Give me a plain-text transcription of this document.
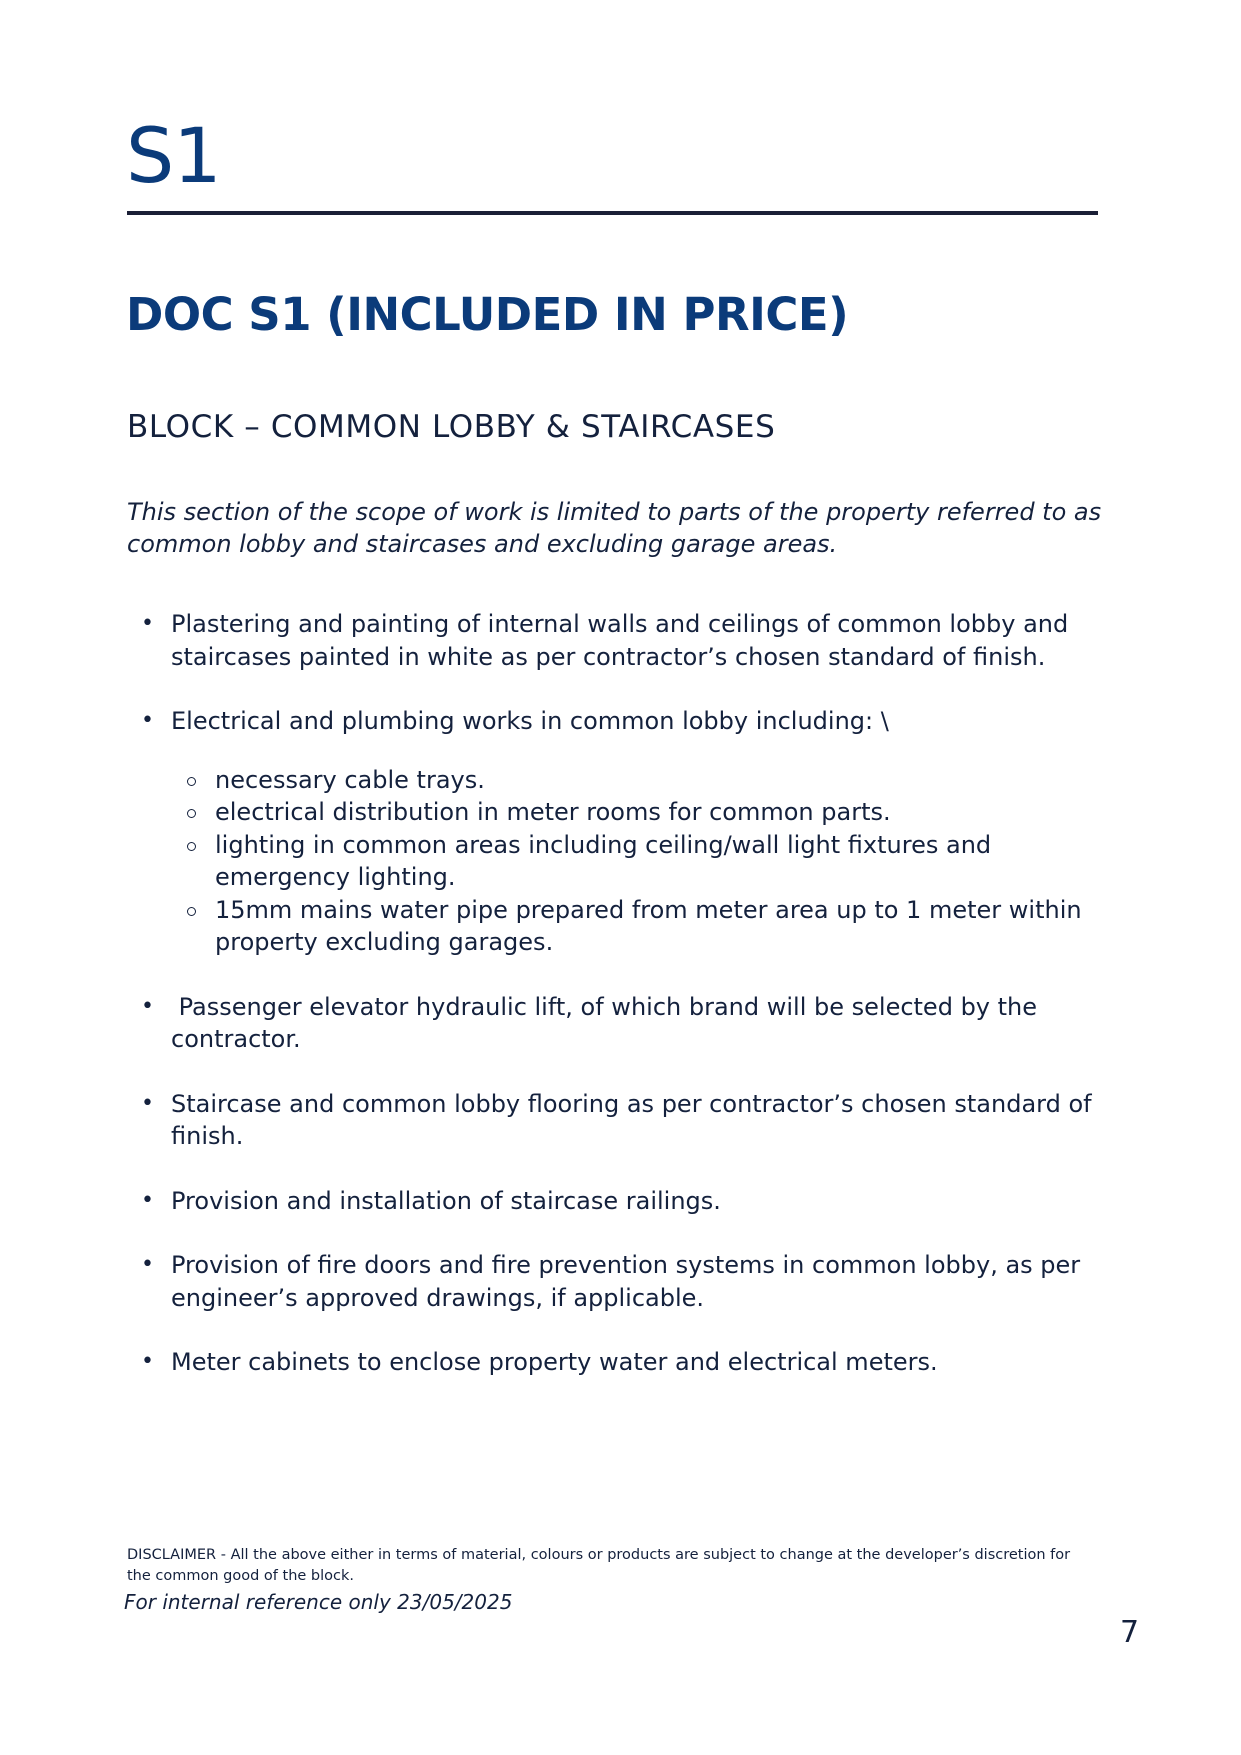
S1
DOC S1 (INCLUDED IN PRICE)
BLOCK – COMMON LOBBY & STAIRCASES

This section of the scope of work is limited to parts of the property referred to as common lobby and staircases and excluding garage areas.

• Plastering and painting of internal walls and ceilings of common lobby and staircases painted in white as per contractor’s chosen standard of finish.
• Electrical and plumbing works in common lobby including: \
necessary cable trays.
electrical distribution in meter rooms for common parts.
lighting in common areas including ceiling/wall light fixtures and emergency lighting.
15mm mains water pipe prepared from meter area up to 1 meter within property excluding garages.
•  Passenger elevator hydraulic lift, of which brand will be selected by the contractor.
• Staircase and common lobby flooring as per contractor’s chosen standard of finish.
• Provision and installation of staircase railings.
• Provision of fire doors and fire prevention systems in common lobby, as per engineer’s approved drawings, if applicable.
• Meter cabinets to enclose property water and electrical meters.

DISCLAIMER - All the above either in terms of material, colours or products are subject to change at the developer’s discretion for the common good of the block.

For internal reference only 23/05/2025
7
